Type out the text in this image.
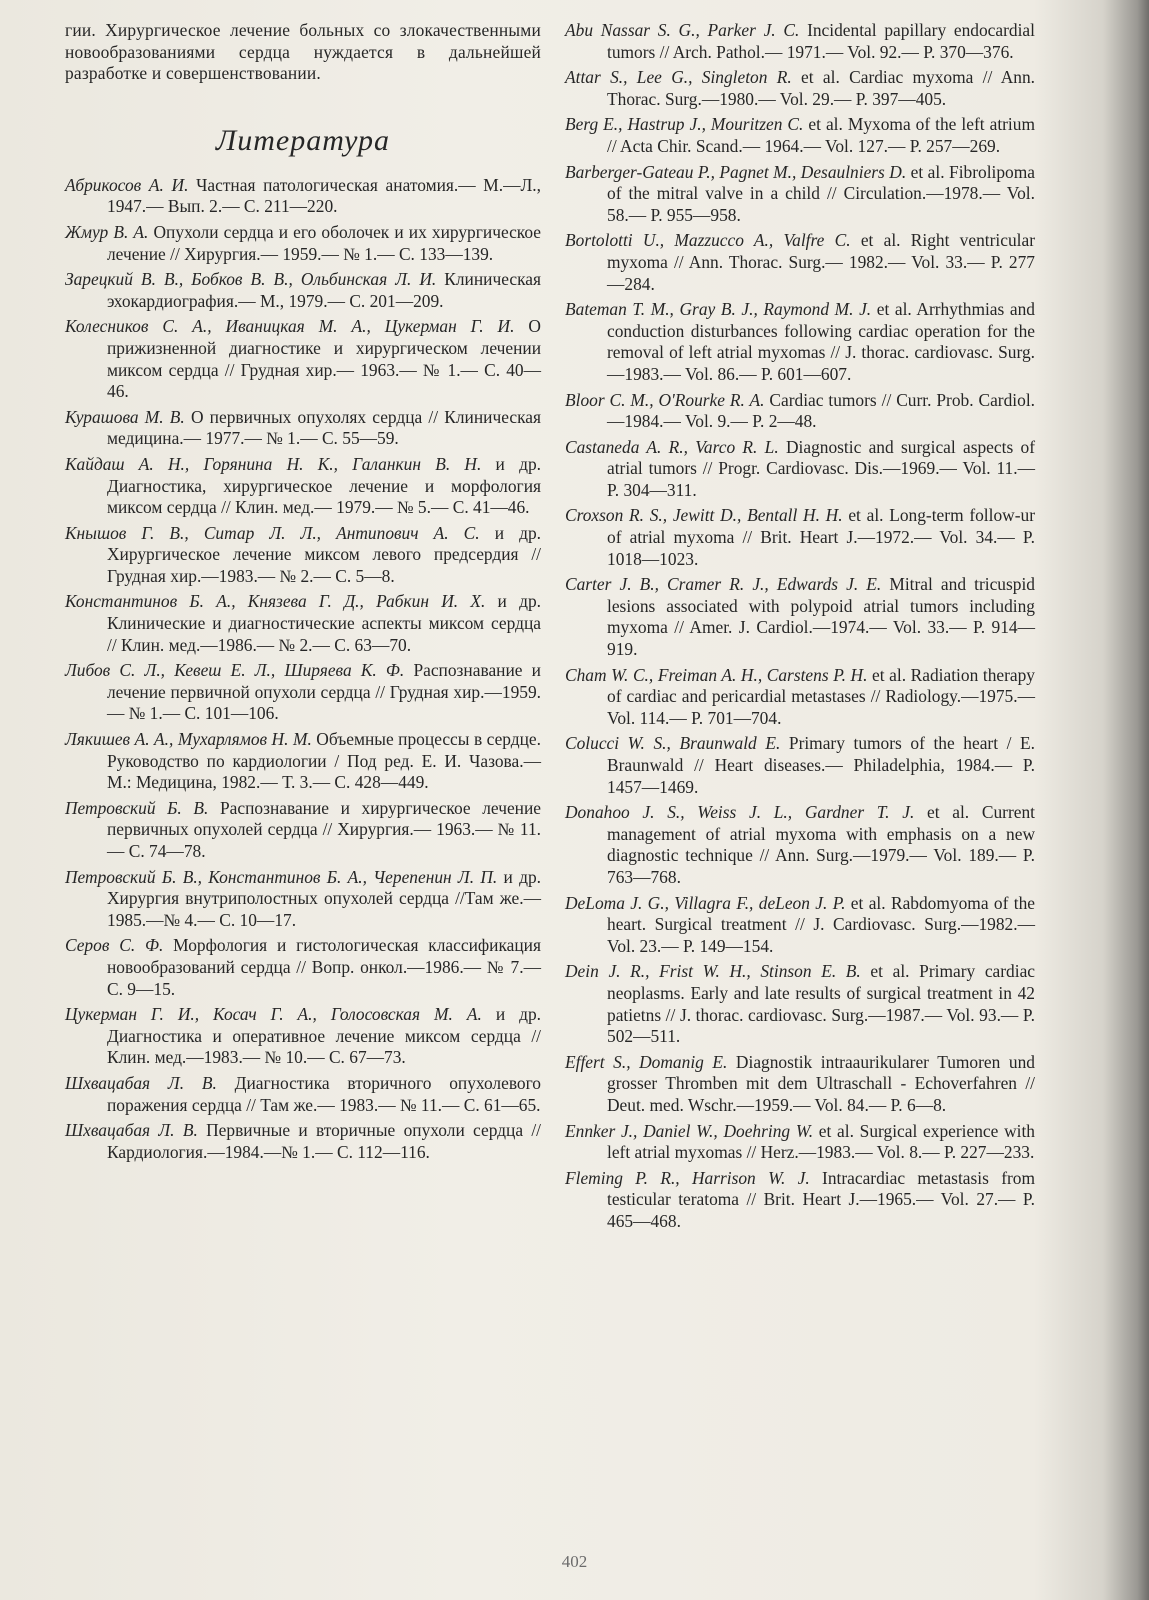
гии. Хирургическое лечение больных со злокачественными новообразованиями сердца нуждается в дальнейшей разработке и совершенствовании.

Литература

Абрикосов А. И. Частная патологическая анатомия.— М.—Л., 1947.— Вып. 2.— С. 211—220.

Жмур В. А. Опухоли сердца и его оболочек и их хирургическое лечение // Хирургия.— 1959.— № 1.— С. 133—139.

Зарецкий В. В., Бобков В. В., Ольбинская Л. И. Клиническая эхокардиография.— М., 1979.— С. 201—209.

Колесников С. А., Иваницкая М. А., Цукерман Г. И. О прижизненной диагностике и хирургическом лечении миксом сердца // Грудная хир.— 1963.— № 1.— С. 40—46.

Курашова М. В. О первичных опухолях сердца // Клиническая медицина.— 1977.— № 1.— С. 55—59.

Кайдаш А. Н., Горянина Н. К., Галанкин В. Н. и др. Диагностика, хирургическое лечение и морфология миксом сердца // Клин. мед.— 1979.— № 5.— С. 41—46.

Кнышов Г. В., Ситар Л. Л., Антипович А. С. и др. Хирургическое лечение миксом левого предсердия // Грудная хир.—1983.— № 2.— С. 5—8.

Константинов Б. А., Князева Г. Д., Рабкин И. Х. и др. Клинические и диагностические аспекты миксом сердца // Клин. мед.—1986.— № 2.— С. 63—70.

Либов С. Л., Кевеш Е. Л., Ширяева К. Ф. Распознавание и лечение первичной опухоли сердца // Грудная хир.—1959.— № 1.— С. 101—106.

Лякишев А. А., Мухарлямов Н. М. Объемные процессы в сердце. Руководство по кардиологии / Под ред. Е. И. Чазова.— М.: Медицина, 1982.— Т. 3.— С. 428—449.

Петровский Б. В. Распознавание и хирургическое лечение первичных опухолей сердца // Хирургия.— 1963.— № 11.— С. 74—78.

Петровский Б. В., Константинов Б. А., Черепенин Л. П. и др. Хирургия внутриполостных опухолей сердца //Там же.—1985.—№ 4.— С. 10—17.

Серов С. Ф. Морфология и гистологическая классификация новообразований сердца // Вопр. онкол.—1986.— № 7.— С. 9—15.

Цукерман Г. И., Косач Г. А., Голосовская М. А. и др. Диагностика и оперативное лечение миксом сердца // Клин. мед.—1983.— № 10.— С. 67—73.

Шхвацабая Л. В. Диагностика вторичного опухолевого поражения сердца // Там же.— 1983.— № 11.— С. 61—65.

Шхвацабая Л. В. Первичные и вторичные опухоли сердца // Кардиология.—1984.—№ 1.— С. 112—116.

Abu Nassar S. G., Parker J. C. Incidental papillary endocardial tumors // Arch. Pathol.— 1971.— Vol. 92.— P. 370—376.

Attar S., Lee G., Singleton R. et al. Cardiac myxoma // Ann. Thorac. Surg.—1980.— Vol. 29.— P. 397—405.

Berg E., Hastrup J., Mouritzen C. et al. Myxoma of the left atrium // Acta Chir. Scand.— 1964.— Vol. 127.— P. 257—269.

Barberger-Gateau P., Pagnet M., Desaulniers D. et al. Fibrolipoma of the mitral valve in a child // Circulation.—1978.— Vol. 58.— P. 955—958.

Bortolotti U., Mazzucco A., Valfre C. et al. Right ventricular myxoma // Ann. Thorac. Surg.— 1982.— Vol. 33.— P. 277—284.

Bateman T. M., Gray B. J., Raymond M. J. et al. Arrhythmias and conduction disturbances following cardiac operation for the removal of left atrial myxomas // J. thorac. cardiovasc. Surg.—1983.— Vol. 86.— P. 601—607.

Bloor C. M., O'Rourke R. A. Cardiac tumors // Curr. Prob. Cardiol.—1984.— Vol. 9.— P. 2—48.

Castaneda A. R., Varco R. L. Diagnostic and surgical aspects of atrial tumors // Progr. Cardiovasc. Dis.—1969.— Vol. 11.— P. 304—311.

Croxson R. S., Jewitt D., Bentall H. H. et al. Long-term follow-ur of atrial myxoma // Brit. Heart J.—1972.— Vol. 34.— P. 1018—1023.

Carter J. B., Cramer R. J., Edwards J. E. Mitral and tricuspid lesions associated with polypoid atrial tumors including myxoma // Amer. J. Cardiol.—1974.— Vol. 33.— P. 914—919.

Cham W. C., Freiman A. H., Carstens P. H. et al. Radiation therapy of cardiac and pericardial metastases // Radiology.—1975.— Vol. 114.— P. 701—704.

Colucci W. S., Braunwald E. Primary tumors of the heart / E. Braunwald // Heart diseases.— Philadelphia, 1984.— P. 1457—1469.

Donahoo J. S., Weiss J. L., Gardner T. J. et al. Current management of atrial myxoma with emphasis on a new diagnostic technique // Ann. Surg.—1979.— Vol. 189.— P. 763—768.

DeLoma J. G., Villagra F., deLeon J. P. et al. Rabdomyoma of the heart. Surgical treatment // J. Cardiovasc. Surg.—1982.— Vol. 23.— P. 149—154.

Dein J. R., Frist W. H., Stinson E. B. et al. Primary cardiac neoplasms. Early and late results of surgical treatment in 42 patietns // J. thorac. cardiovasc. Surg.—1987.— Vol. 93.— P. 502—511.

Effert S., Domanig E. Diagnostik intraaurikularer Tumoren und grosser Thromben mit dem Ultraschall - Echoverfahren // Deut. med. Wschr.—1959.— Vol. 84.— P. 6—8.

Ennker J., Daniel W., Doehring W. et al. Surgical experience with left atrial myxomas // Herz.—1983.— Vol. 8.— P. 227—233.

Fleming P. R., Harrison W. J. Intracardiac metastasis from testicular teratoma // Brit. Heart J.—1965.— Vol. 27.— P. 465—468.

402
